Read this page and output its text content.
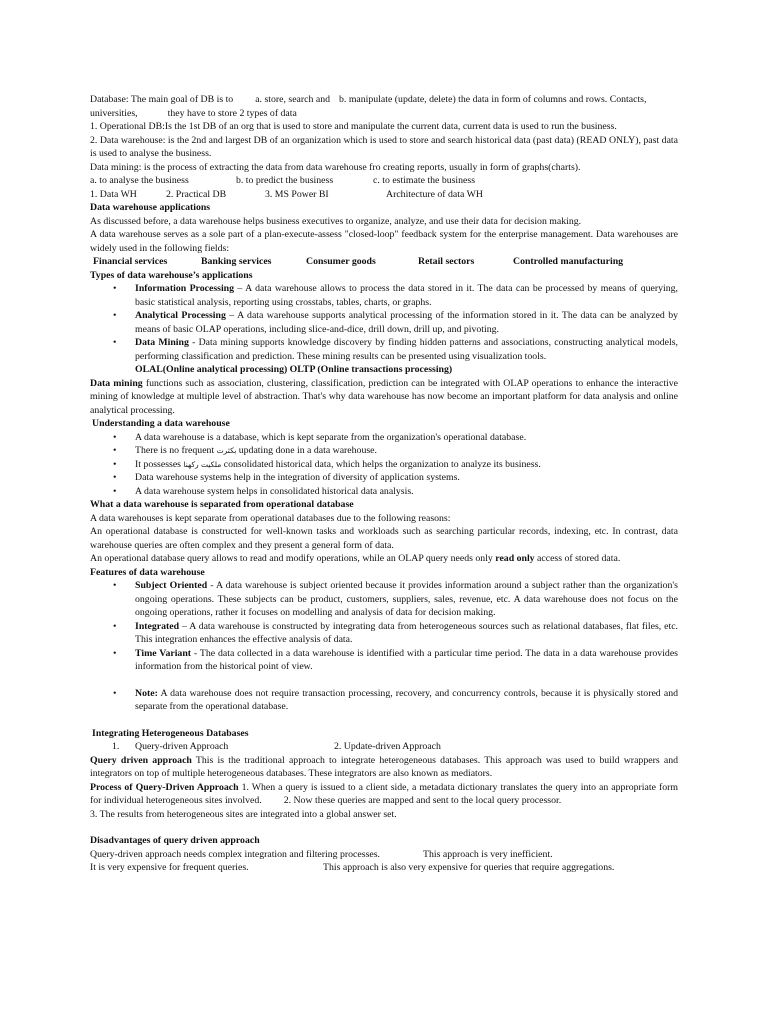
Database: The main goal of DB is to a. store, search and b. manipulate (update, delete) the data in form of columns and rows. Contacts,
universities,	they have to store 2 types of data

1. Operational DB:Is the 1st DB of an org that is used to store and manipulate the current data, current data is used to run the business.

2. Data warehouse: is the 2nd and largest DB of an organization which is used to store and search historical data (past data) (READ ONLY), past data is used to analyse the business.

Data mining: is the process of extracting the data from data warehouse fro creating reports, usually in form of graphs(charts).

a. to analyse the business	b. to predict the business	c. to estimate the business
1. Data WH	2. Practical DB	3. MS Power BI	Architecture of data WH

Data warehouse applications

As discussed before, a data warehouse helps business executives to organize, analyze, and use their data for decision making.

A data warehouse serves as a sole part of a plan-execute-assess "closed-loop" feedback system for the enterprise management. Data warehouses are widely used in the following fields:

Financial services	Banking services	Consumer goods	Retail sectors	Controlled manufacturing

Types of data warehouse’s applications

• Information Processing – A data warehouse allows to process the data stored in it. The data can be processed by means of querying, basic statistical analysis, reporting using crosstabs, tables, charts, or graphs.
• Analytical Processing – A data warehouse supports analytical processing of the information stored in it. The data can be analyzed by means of basic OLAP operations, including slice-and-dice, drill down, drill up, and pivoting.
• Data Mining - Data mining supports knowledge discovery by finding hidden patterns and associations, constructing analytical models, performing classification and prediction. These mining results can be presented using visualization tools.
OLAL(Online analytical processing) OLTP (Online transactions processing)

Data mining functions such as association, clustering, classification, prediction can be integrated with OLAP operations to enhance the interactive mining of knowledge at multiple level of abstraction. That's why data warehouse has now become an important platform for data analysis and online analytical processing.

Understanding a data warehouse

• A data warehouse is a database, which is kept separate from the organization's operational database.
• There is no frequent بکثرت updating done in a data warehouse.
• It possesses ملکیت رکھنا consolidated historical data, which helps the organization to analyze its business.
• Data warehouse systems help in the integration of diversity of application systems.
• A data warehouse system helps in consolidated historical data analysis.

What a data warehouse is separated from operational database

A data warehouses is kept separate from operational databases due to the following reasons:

An operational database is constructed for well-known tasks and workloads such as searching particular records, indexing, etc. In contrast, data warehouse queries are often complex and they present a general form of data.

An operational database query allows to read and modify operations, while an OLAP query needs only read only access of stored data.

Features of data warehouse

• Subject Oriented - A data warehouse is subject oriented because it provides information around a subject rather than the organization's ongoing operations. These subjects can be product, customers, suppliers, sales, revenue, etc. A data warehouse does not focus on the ongoing operations, rather it focuses on modelling and analysis of data for decision making.
• Integrated – A data warehouse is constructed by integrating data from heterogeneous sources such as relational databases, flat files, etc. This integration enhances the effective analysis of data.
• Time Variant - The data collected in a data warehouse is identified with a particular time period. The data in a data warehouse provides information from the historical point of view.
• Note: A data warehouse does not require transaction processing, recovery, and concurrency controls, because it is physically stored and separate from the operational database.

Integrating Heterogeneous Databases

1. Query-driven Approach	2. Update-driven Approach

Query driven approach This is the traditional approach to integrate heterogeneous databases. This approach was used to build wrappers and integrators on top of multiple heterogeneous databases. These integrators are also known as mediators.

Process of Query-Driven Approach 1. When a query is issued to a client side, a metadata dictionary translates the query into an appropriate form for individual heterogeneous sites involved. 2. Now these queries are mapped and sent to the local query processor.

3. The results from heterogeneous sites are integrated into a global answer set.

Disadvantages of query driven approach

Query-driven approach needs complex integration and filtering processes.	This approach is very inefficient.
It is very expensive for frequent queries.	This approach is also very expensive for queries that require aggregations.
